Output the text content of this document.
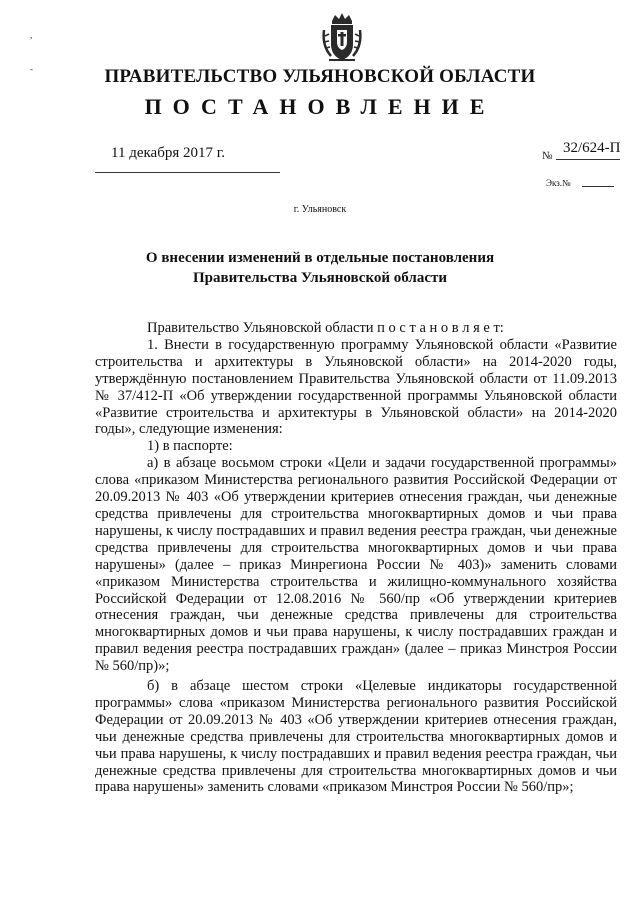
,
-	ПРАВИТЕЛЬСТВО УЛЬЯНОВСКОЙ ОБЛАСТИ
ПОСТАНОВЛЕНИЕ
11 декабря 2017 г.	№ 32/624-П
Экз.№
г. Ульяновск
О внесении изменений в отдельные постановления
Правительства Ульяновской области

Правительство Ульяновской области п о с т а н о в л я е т:

1. Внести в государственную программу Ульяновской области «Развитие строительства и архитектуры в Ульяновской области» на 2014-2020 годы, утверждённую постановлением Правительства Ульяновской области от 11.09.2013 № 37/412-П «Об утверждении государственной программы Ульяновской области «Развитие строительства и архитектуры в Ульяновской области» на 2014-2020 годы», следующие изменения:

1) в паспорте:

а) в абзаце восьмом строки «Цели и задачи государственной программы» слова «приказом Министерства регионального развития Российской Федерации от 20.09.2013 № 403 «Об утверждении критериев отнесения граждан, чьи денежные средства привлечены для строительства многоквартирных домов и чьи права нарушены, к числу пострадавших и правил ведения реестра граждан, чьи денежные средства привлечены для строительства многоквартирных домов и чьи права нарушены» (далее – приказ Минрегиона России № 403)» заменить словами «приказом Министерства строительства и жилищно-коммунального хозяйства Российской Федерации от 12.08.2016 № 560/пр «Об утверждении критериев отнесения граждан, чьи денежные средства привлечены для строительства многоквартирных домов и чьи права нарушены, к числу пострадавших граждан и правил ведения реестра пострадавших граждан» (далее – приказ Минстроя России № 560/пр)»;

б) в абзаце шестом строки «Целевые индикаторы государственной программы» слова «приказом Министерства регионального развития Российской Федерации от 20.09.2013 № 403 «Об утверждении критериев отнесения граждан, чьи денежные средства привлечены для строительства многоквартирных домов и чьи права нарушены, к числу пострадавших и правил ведения реестра граждан, чьи денежные средства привлечены для строительства многоквартирных домов и чьи права нарушены» заменить словами «приказом Минстроя России № 560/пр»;
